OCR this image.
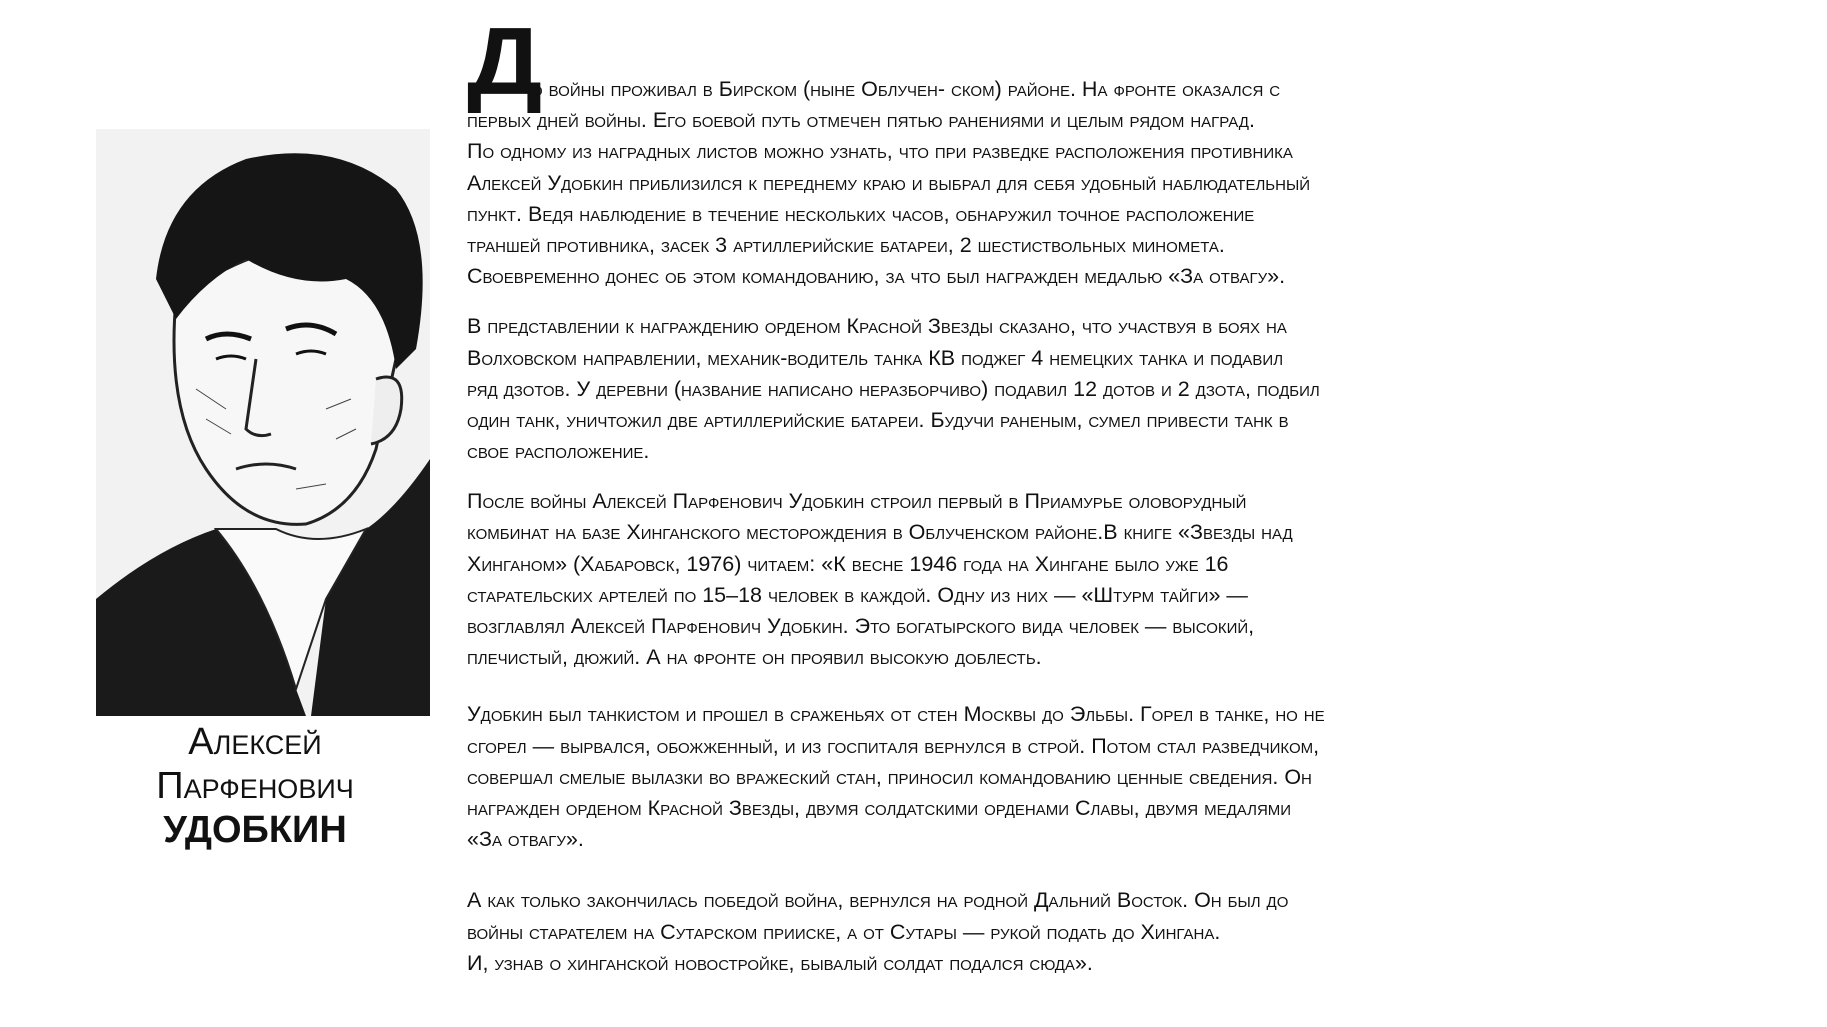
Алексей
Парфенович
УДОБКИН
Д
о войны проживал в Бирском (ныне Облучен- ском) районе. На фронте оказался с
первых дней войны. Его боевой путь отмечен пятью ранениями и целым рядом наград.
По одному из наградных листов можно узнать, что при разведке расположения противника
Алексей Удобкин приблизился к переднему краю и выбрал для себя удобный наблюдательный
пункт. Ведя наблюдение в течение нескольких часов, обнаружил точное расположение
траншей противника, засек 3 артиллерийские батареи, 2 шестиствольных миномета.
Своевременно донес об этом командованию, за что был награжден медалью «За отвагу».
В представлении к награждению орденом Красной Звезды сказано, что участвуя в боях на
Волховском направлении, механик-водитель танка КВ поджег 4 немецких танка и подавил
ряд дзотов. У деревни (название написано неразборчиво) подавил 12 дотов и 2 дзота, подбил
один танк, уничтожил две артиллерийские батареи. Будучи раненым, сумел привести танк в
свое расположение.
После войны Алексей Парфенович Удобкин строил первый в Приамурье оловорудный
комбинат на базе Хинганского месторождения в Облученском районе.В книге «Звезды над
Хинганом» (Хабаровск, 1976) читаем: «К весне 1946 года на Хингане было уже 16
старательских артелей по 15–18 человек в каждой. Одну из них — «Штурм тайги» —
возглавлял Алексей Парфенович Удобкин. Это богатырского вида человек — высокий,
плечистый, дюжий. А на фронте он проявил высокую доблесть.
Удобкин был танкистом и прошел в сраженьях от стен Москвы до Эльбы. Горел в танке, но не
сгорел — вырвался, обожженный, и из госпиталя вернулся в строй. Потом стал разведчиком,
совершал смелые вылазки во вражеский стан, приносил командованию ценные сведения. Он
награжден орденом Красной Звезды, двумя солдатскими орденами Славы, двумя медалями
«За отвагу».
А как только закончилась победой война, вернулся на родной Дальний Восток. Он был до
войны старателем на Сутарском прииске, а от Сутары — рукой подать до Хингана.
И, узнав о хинганской новостройке, бывалый солдат подался сюда».
